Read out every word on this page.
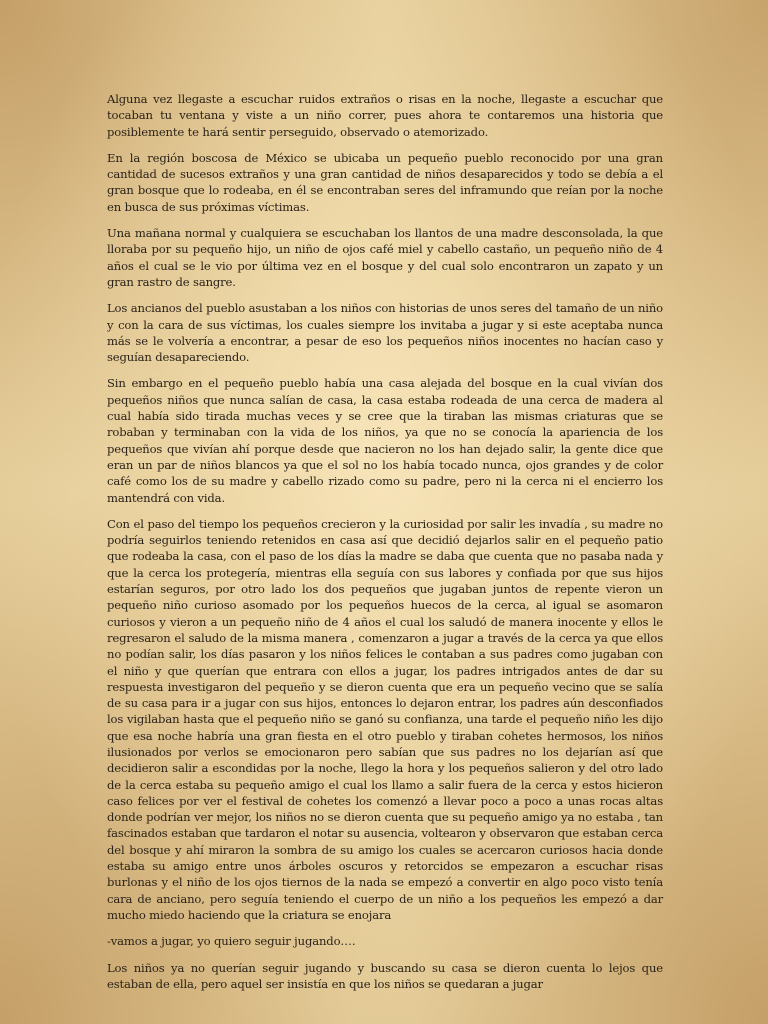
Alguna vez llegaste a escuchar ruidos extraños o risas en la noche, llegaste a escuchar que tocaban tu ventana y viste a un niño correr, pues ahora te contaremos una historia que posiblemente te hará sentir perseguido, observado o atemorizado.

En la región boscosa de México se ubicaba un pequeño pueblo reconocido por una gran cantidad de sucesos extraños y una gran cantidad de niños desaparecidos y todo se debía a el gran bosque que lo rodeaba, en él se encontraban seres del inframundo que reían por la noche en busca de sus próximas víctimas.

Una mañana normal y cualquiera se escuchaban los llantos de una madre desconsolada, la que lloraba por su pequeño hijo, un niño de ojos café miel y cabello castaño, un pequeño niño de 4 años el cual se le vio por última vez en el bosque y del cual solo encontraron un zapato y un gran rastro de sangre.

Los ancianos del pueblo asustaban a los niños con historias de unos seres del tamaño de un niño y con la cara de sus víctimas, los cuales siempre los invitaba a jugar y si este aceptaba nunca más se le volvería a encontrar, a pesar de eso los pequeños niños inocentes no hacían caso y seguían desapareciendo.

Sin embargo en el pequeño pueblo había una casa alejada del bosque en la cual vivían dos pequeños niños que nunca salían de casa, la casa estaba rodeada de una cerca de madera al cual había sido tirada muchas veces y se cree que la tiraban las mismas criaturas que se robaban y terminaban con la vida de los niños, ya que no se conocía la apariencia de los pequeños que vivían ahí porque desde que nacieron no los han dejado salir, la gente dice que eran un par de niños blancos ya que el sol no los había tocado nunca, ojos grandes y de color café como los de su madre y cabello rizado como su padre, pero ni la cerca ni el encierro los mantendrá con vida.

Con el paso del tiempo los pequeños crecieron y la curiosidad por salir les invadía , su madre no podría seguirlos teniendo retenidos en casa así que decidió dejarlos salir en el pequeño patio que rodeaba la casa, con el paso de los días la madre se daba que cuenta que no pasaba nada y que la cerca los protegería, mientras ella seguía con sus labores y confiada por que sus hijos estarían seguros, por otro lado los dos pequeños que jugaban juntos de repente vieron un pequeño niño curioso asomado por los pequeños huecos de la cerca, al igual se asomaron curiosos y vieron a un pequeño niño de 4 años el cual los saludó de manera inocente y ellos le regresaron el saludo de la misma manera , comenzaron a jugar a través de la cerca ya que ellos no podían salir, los días pasaron y los niños felices le contaban a sus padres como jugaban con el niño y que querían que entrara con ellos a jugar, los padres intrigados antes de dar su respuesta investigaron del pequeño y se dieron cuenta que era un pequeño vecino que se salía de su casa para ir a jugar con sus hijos, entonces lo dejaron entrar, los padres aún desconfiados los vigilaban hasta que el pequeño niño se ganó su confianza, una tarde el pequeño niño les dijo que esa noche habría una gran fiesta en el otro pueblo y tiraban cohetes hermosos, los niños ilusionados por verlos se emocionaron pero sabían que sus padres no los dejarían así que decidieron salir a escondidas por la noche, llego la hora y los pequeños salieron y del otro lado de la cerca estaba su pequeño amigo el cual los llamo a salir fuera de la cerca y estos hicieron caso felices por ver el festival de cohetes los comenzó a llevar poco a poco a unas rocas altas donde podrían ver mejor, los niños no se dieron cuenta que su pequeño amigo ya no estaba , tan fascinados estaban que tardaron el notar su ausencia, voltearon y observaron que estaban cerca del bosque y ahí miraron la sombra de su amigo los cuales se acercaron curiosos hacia donde estaba su amigo entre unos árboles oscuros y retorcidos se empezaron a escuchar risas burlonas y el niño de los ojos tiernos de la nada se empezó a convertir en algo poco visto tenía cara de anciano, pero seguía teniendo el cuerpo de un niño a los pequeños les empezó a dar mucho miedo haciendo que la criatura se enojara

-vamos a jugar, yo quiero seguir jugando….

Los niños ya no querían seguir jugando y buscando su casa se dieron cuenta lo lejos que estaban de ella, pero aquel ser insistía en que los niños se quedaran a jugar
